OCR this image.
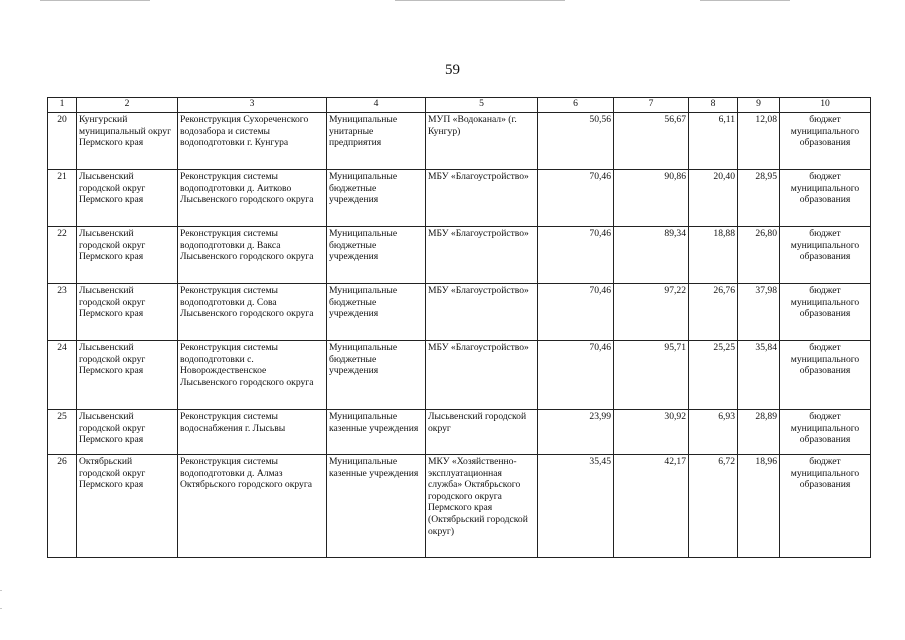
59
1	2	3	4	5	6	7	8	9	10
20	Кунгурский муниципальный округ Пермского края	Реконструкция Сухореченского водозабора и системы водоподготовки г. Кунгура	Муниципальные унитарные предприятия	МУП «Водоканал» (г. Кунгур)	50,56	56,67	6,11	12,08	бюджет муниципального образования
21	Лысьвенский городской округ Пермского края	Реконструкция системы водоподготовки д. Аитково Лысьвенского городского округа	Муниципальные бюджетные учреждения	МБУ «Благоустройство»	70,46	90,86	20,40	28,95	бюджет муниципального образования
22	Лысьвенский городской округ Пермского края	Реконструкция системы водоподготовки д. Вакса Лысьвенского городского округа	Муниципальные бюджетные учреждения	МБУ «Благоустройство»	70,46	89,34	18,88	26,80	бюджет муниципального образования
23	Лысьвенский городской округ Пермского края	Реконструкция системы водоподготовки д. Сова Лысьвенского городского округа	Муниципальные бюджетные учреждения	МБУ «Благоустройство»	70,46	97,22	26,76	37,98	бюджет муниципального образования
24	Лысьвенский городской округ Пермского края	Реконструкция системы водоподготовки с. Новорождественское Лысьвенского городского округа	Муниципальные бюджетные учреждения	МБУ «Благоустройство»	70,46	95,71	25,25	35,84	бюджет муниципального образования
25	Лысьвенский городской округ Пермского края	Реконструкция системы водоснабжения г. Лысьвы	Муниципальные казенные учреждения	Лысьвенский городской округ	23,99	30,92	6,93	28,89	бюджет муниципального образования
26	Октябрьский городской округ Пермского края	Реконструкция системы водоподготовки д. Алмаз Октябрьского городского округа	Муниципальные казенные учреждения	МКУ «Хозяйственно-эксплуатационная служба» Октябрьского городского округа Пермского края (Октябрьский городской округ)	35,45	42,17	6,72	18,96	бюджет муниципального образования
